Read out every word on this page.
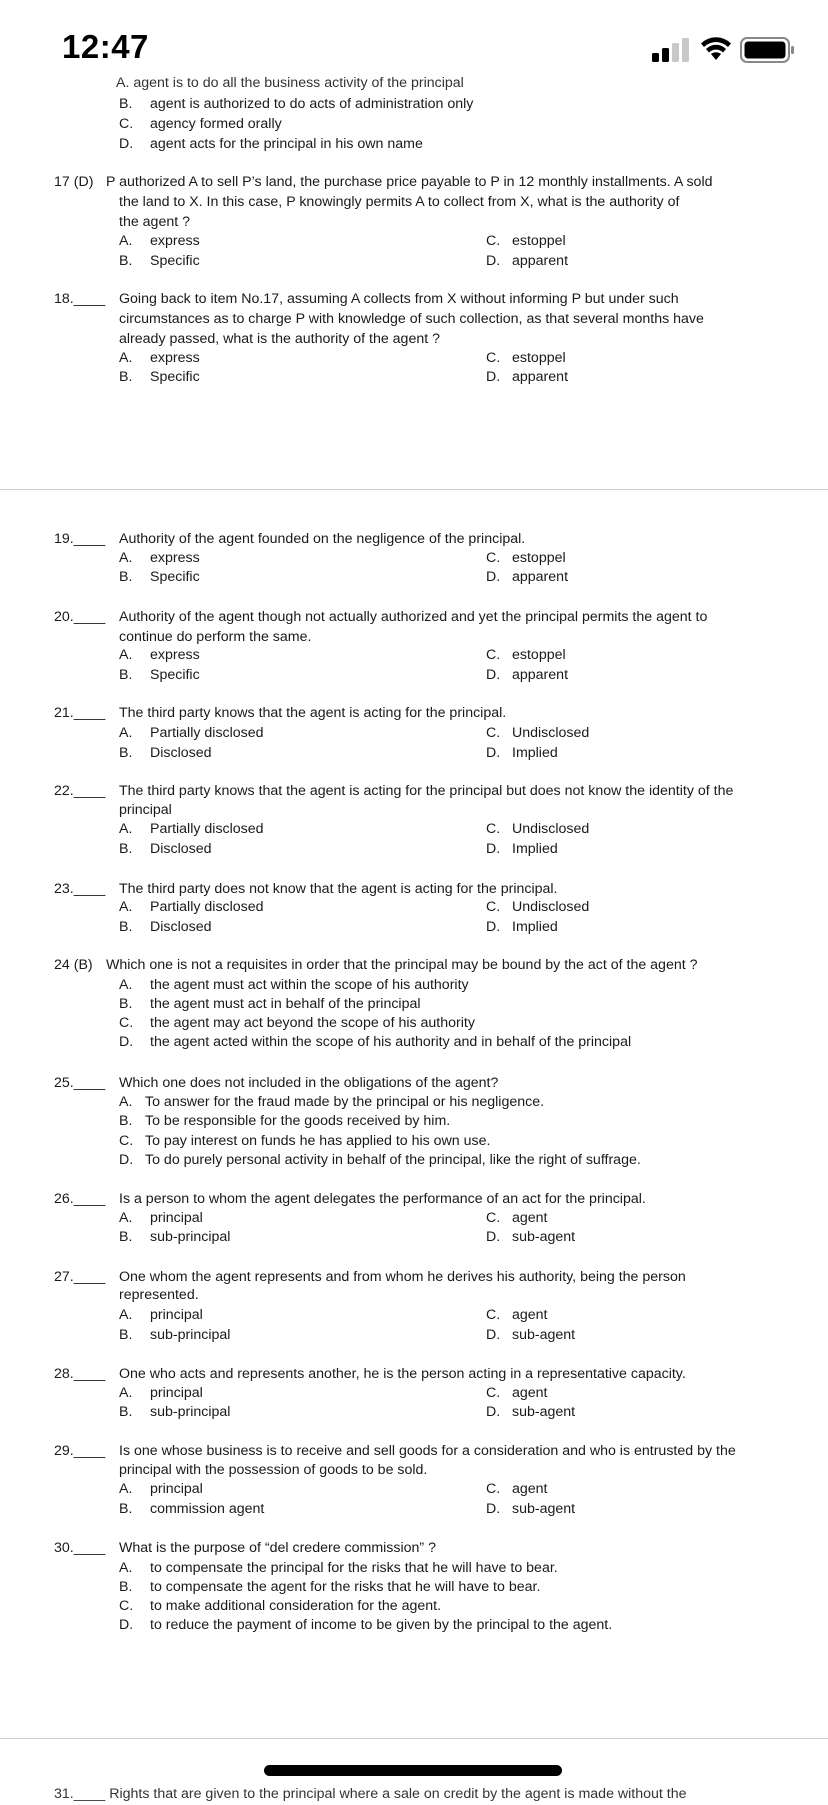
12:47
A. agent is to do all the business activity of the principal
B. agent is authorized to do acts of administration only
C. agency formed orally
D. agent acts for the principal in his own name
17 (D) P authorized A to sell P’s land, the purchase price payable to P in 12 monthly installments. A sold
the land to X. In this case, P knowingly permits A to collect from X, what is the authority of
the agent ?
A. express
B. Specific
C. estoppel
D. apparent
18.____ Going back to item No.17, assuming A collects from X without informing P but under such
circumstances as to charge P with knowledge of such collection, as that several months have
already passed, what is the authority of the agent ?
A. express
B. Specific
C. estoppel
D. apparent
19.____ Authority of the agent founded on the negligence of the principal.
A. express
B. Specific
C. estoppel
D. apparent
20.____ Authority of the agent though not actually authorized and yet the principal permits the agent to
continue do perform the same.
A. express
B. Specific
C. estoppel
D. apparent
21.____ The third party knows that the agent is acting for the principal.
A. Partially disclosed
B. Disclosed
C. Undisclosed
D. Implied
22.____ The third party knows that the agent is acting for the principal but does not know the identity of the
principal
A. Partially disclosed
B. Disclosed
C. Undisclosed
D. Implied
23.____ The third party does not know that the agent is acting for the principal.
A. Partially disclosed
B. Disclosed
C. Undisclosed
D. Implied
24 (B) Which one is not a requisites in order that the principal may be bound by the act of the agent ?
A. the agent must act within the scope of his authority
B. the agent must act in behalf of the principal
C. the agent may act beyond the scope of his authority
D. the agent acted within the scope of his authority and in behalf of the principal
25.____ Which one does not included in the obligations of the agent?
A. To answer for the fraud made by the principal or his negligence.
B. To be responsible for the goods received by him.
C. To pay interest on funds he has applied to his own use.
D. To do purely personal activity in behalf of the principal, like the right of suffrage.
26.____ Is a person to whom the agent delegates the performance of an act for the principal.
A. principal
B. sub-principal
C. agent
D. sub-agent
27.____ One whom the agent represents and from whom he derives his authority, being the person
represented.
A. principal
B. sub-principal
C. agent
D. sub-agent
28.____ One who acts and represents another, he is the person acting in a representative capacity.
A. principal
B. sub-principal
C. agent
D. sub-agent
29.____ Is one whose business is to receive and sell goods for a consideration and who is entrusted by the
principal with the possession of goods to be sold.
A. principal
B. commission agent
C. agent
D. sub-agent
30.____ What is the purpose of “del credere commission” ?
A. to compensate the principal for the risks that he will have to bear.
B. to compensate the agent for the risks that he will have to bear.
C. to make additional consideration for the agent.
D. to reduce the payment of income to be given by the principal to the agent.
31.____ Rights that are given to the principal where a sale on credit by the agent is made without the
